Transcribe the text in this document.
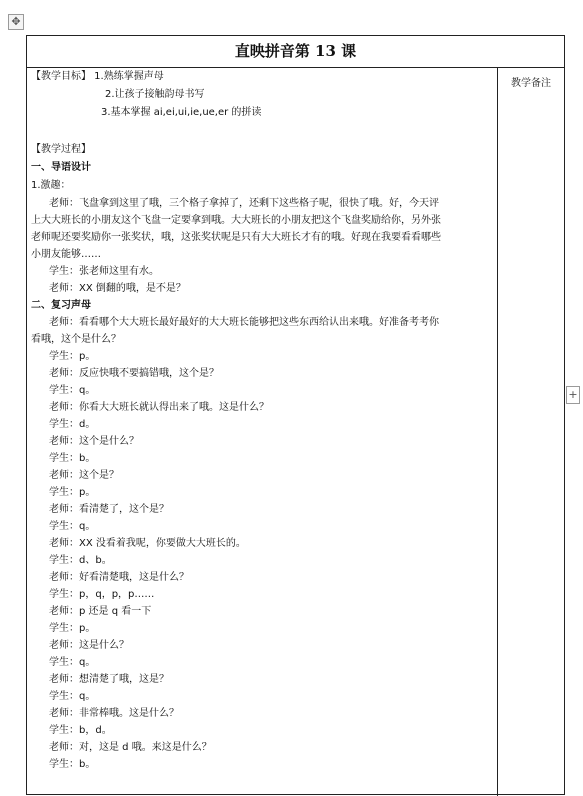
✥
+
直映拼音第 13 课
【教学目标】 1.熟练掌握声母
2.让孩子接触韵母书写
3.基本掌握 ai,ei,ui,ie,ue,er 的拼读
【教学过程】
一、导语设计
1.激趣：
老师：飞盘拿到这里了哦，三个格子拿掉了，还剩下这些格子呢，很快了哦。好，今天评
上大大班长的小朋友这个飞盘一定要拿到哦。大大班长的小朋友把这个飞盘奖励给你，另外张
老师呢还要奖励你一张奖状，哦，这张奖状呢是只有大大班长才有的哦。好现在我要看看哪些
小朋友能够……
学生：张老师这里有水。
老师：XX 倒翻的哦，是不是？
二、复习声母
老师：看看哪个大大班长最好最好的大大班长能够把这些东西给认出来哦。好准备考考你
看哦，这个是什么？
学生：p。
老师：反应快哦不要搞错哦，这个是？
学生：q。
老师：你看大大班长就认得出来了哦。这是什么？
学生：d。
老师：这个是什么？
学生：b。
老师：这个是？
学生：p。
老师：看清楚了，这个是？
学生：q。
老师：XX 没看着我呢，你要做大大班长的。
学生：d、b。
老师：好看清楚哦，这是什么？
学生：p，q，p，p……
老师：p 还是 q 看一下
学生：p。
老师：这是什么？
学生：q。
老师：想清楚了哦，这是？
学生：q。
老师：非常棒哦。这是什么？
学生：b，d。
老师：对，这是 d 哦。来这是什么？
学生：b。
教学备注
